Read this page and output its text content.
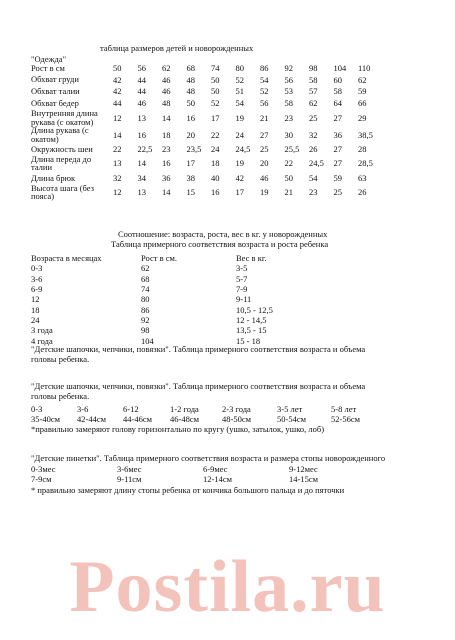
таблица размеров детей и новорожденных
"Одежда"
Рост в см	50	56	62	68	74	80	86	92	98	104	110
Обхват груди	42	44	46	48	50	52	54	56	58	60	62
Обхват талии	42	44	46	48	50	51	52	53	57	58	59
Обхват бедер	44	46	48	50	52	54	56	58	62	64	66
Внутренняя длина рукава (с окатом)	12	13	14	16	17	19	21	23	25	27	29
Длина рукава (с окатом)	14	16	18	20	22	24	27	30	32	36	38,5
Окружность шеи	22	22,5	23	23,5	24	24,5	25	25,5	26	27	28
Длина переда до талии	13	14	16	17	18	19	20	22	24,5	27	28,5
Длина брюк	32	34	36	38	40	42	46	50	54	59	63
Высота шага (без пояса)	12	13	14	15	16	17	19	21	23	25	26
Соотношение: возраста, роста, вес в кг. у новорожденных
Таблица примерного соответствия возраста и роста ребенка
Возраста в месяцах	Рост в см.	Вес в кг.
0-3	62	3-5
3-6	68	5-7
6-9	74	7-9
12	80	9-11
18	86	10,5 - 12,5
24	92	12 - 14,5
3 года	98	13,5 - 15
4 года	104	15 - 18
"Детские шапочки, чепчики, повязки". Таблица примерного соответствия возраста и объема
головы ребенка.
"Детские шапочки, чепчики, повязки". Таблица примерного соответствия возраста и объема
головы ребенка.
0-3	3-6	6-12	1-2 года	2-3 года	3-5 лет	5-8 лет
35-40см 42-44см 44-46см 46-48см	48-50см	50-54см	52-56см
*правильно замеряют голову горизонтально по кругу (ушко, затылок, ушко, лоб)
"Детские пинетки". Таблица примерного соответствия возраста и размера стопы новорожденного
0-3мес	3-6мес	6-9мес	9-12мес
7-9см	9-11см	12-14см	14-15см
* правильно замеряют длину стопы ребенка от кончика большого пальца и до пяточки
Postila.ru
